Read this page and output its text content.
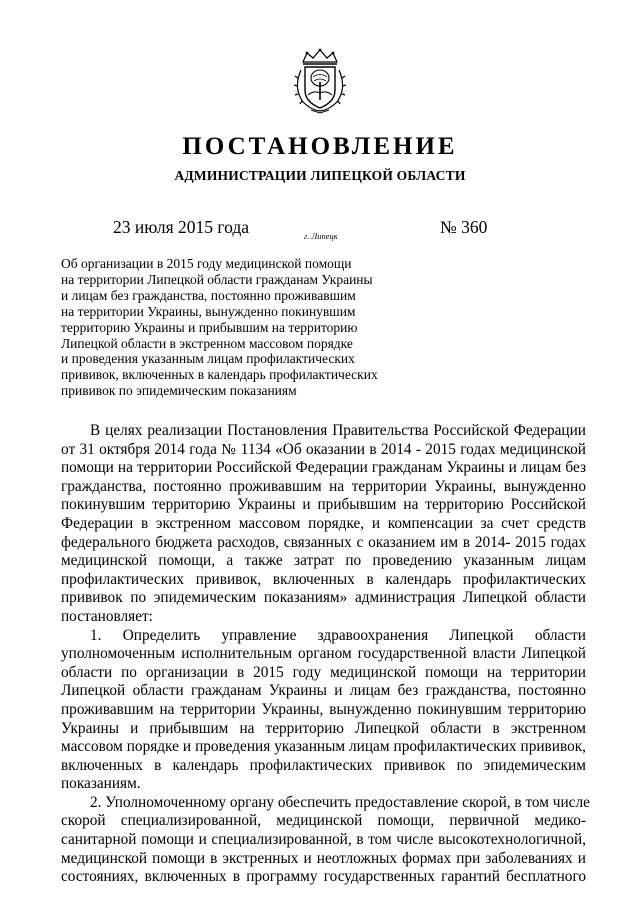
ПОСТАНОВЛЕНИЕ
АДМИНИСТРАЦИИ ЛИПЕЦКОЙ ОБЛАСТИ
23 июля 2015 года	г. Липецк	№ 360
Об организации в 2015 году медицинской помощи
на территории Липецкой области гражданам Украины
и лицам без гражданства, постоянно проживавшим
на территории Украины, вынужденно покинувшим
территорию Украины и прибывшим на территорию
Липецкой области в экстренном массовом порядке
и проведения указанным лицам профилактических
прививок, включенных в календарь профилактических
прививок по эпидемическим показаниям
В целях реализации Постановления Правительства Российской Федерации
от 31 октября 2014 года № 1134 «Об оказании в 2014 - 2015 годах медицинской
помощи на территории Российской Федерации гражданам Украины и лицам без
гражданства, постоянно проживавшим на территории Украины, вынужденно
покинувшим территорию Украины и прибывшим на территорию Российской
Федерации в экстренном массовом порядке, и компенсации за счет средств
федерального бюджета расходов, связанных с оказанием им в 2014- 2015 годах
медицинской помощи, а также затрат по проведению указанным лицам
профилактических прививок, включенных в календарь профилактических
прививок по эпидемическим показаниям» администрация Липецкой области
постановляет:
1. Определить управление здравоохранения Липецкой области
уполномоченным исполнительным органом государственной власти Липецкой
области по организации в 2015 году медицинской помощи на территории
Липецкой области гражданам Украины и лицам без гражданства, постоянно
проживавшим на территории Украины, вынужденно покинувшим территорию
Украины и прибывшим на территорию Липецкой области в экстренном
массовом порядке и проведения указанным лицам профилактических прививок,
включенных в календарь профилактических прививок по эпидемическим
показаниям.
2. Уполномоченному органу обеспечить предоставление скорой, в том числе
скорой специализированной, медицинской помощи, первичной медико-
санитарной помощи и специализированной, в том числе высокотехнологичной,
медицинской помощи в экстренных и неотложных формах при заболеваниях и
состояниях, включенных в программу государственных гарантий бесплатного
